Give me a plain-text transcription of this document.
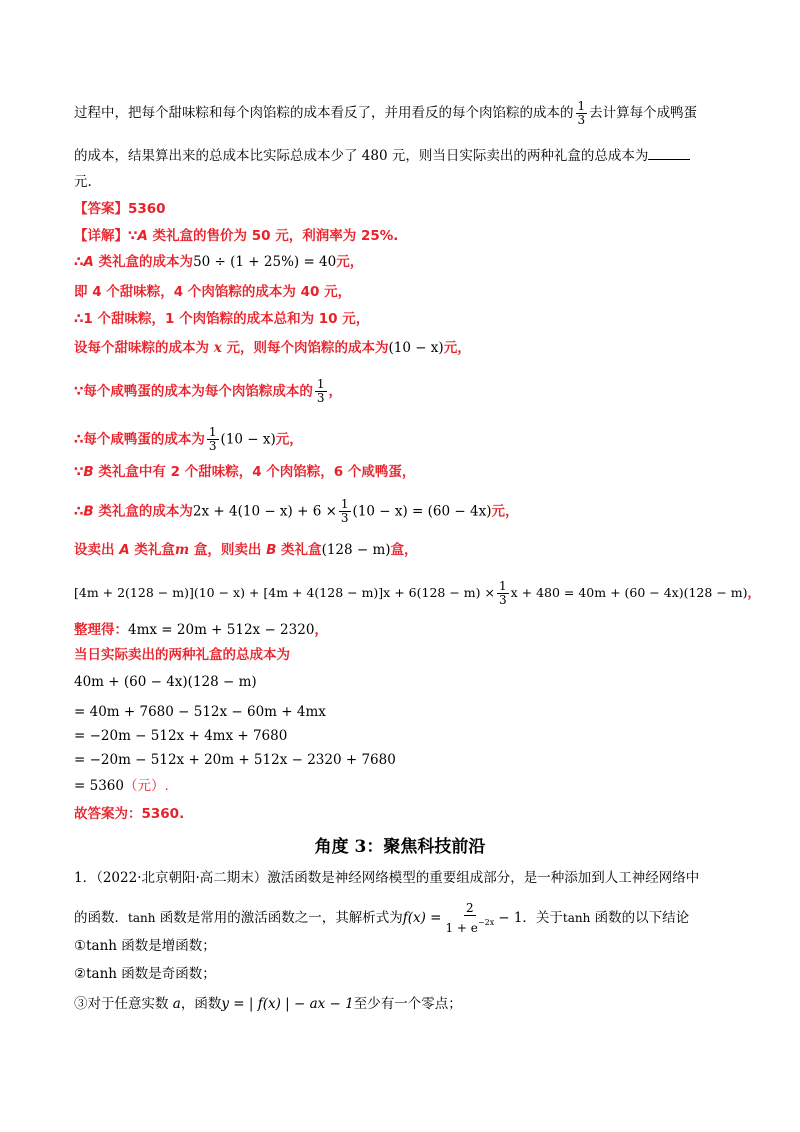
过程中，把每个甜味粽和每个肉馅粽的成本看反了，并用看反的每个肉馅粽的成本的 $\frac{1}{3}$ 去计算每个成鸭蛋
的成本，结果算出来的总成本比实际总成本少了 480 元，则当日实际卖出的两种礼盒的总成本为
元.
【答案】5360
【详解】∵A 类礼盒的售价为 50 元，利润率为 25%.
∴A 类礼盒的成本为50 ÷ (1 + 25%) = 40元，
即 4 个甜味粽，4 个肉馅粽的成本为 40 元，
∴1 个甜味粽，1 个肉馅粽的成本总和为 10 元，
设每个甜味粽的成本为 x 元，则每个肉馅粽的成本为(10 − x)元，
∵每个咸鸭蛋的成本为每个肉馅粽成本的 $\frac{1}{3}$ ，
∴每个咸鸭蛋的成本为 $\frac{1}{3} (10 - x)$元，
∵B 类礼盒中有 2 个甜味粽，4 个肉馅粽，6 个咸鸭蛋，
∴B 类礼盒的成本为$2x + 4(10 - x) + 6 \times \frac{1}{3} (10 - x) = (60 - 4x)$元，
设卖出 A 类礼盒m 盒，则卖出 B 类礼盒(128 − m)盒，
$[4m + 2(128 - m)](10 - x) + [4m + 4(128 - m)]x + 6(128 - m) \times \frac{1}{3}$ x + 480 = 40m + (60 − 4x)(128 − m)，
整理得：4mx = 20m + 512x − 2320，
当日实际卖出的两种礼盒的总成本为
40m + (60 − 4x)(128 − m)
= 40m + 7680 − 512x − 60m + 4mx
= −20m − 512x + 4mx + 7680
= −20m − 512x + 20m + 512x − 2320 + 7680
= 5360（元）.
故答案为：5360.
角度 3：聚焦科技前沿
1．（2022·北京朝阳·高二期末）激活函数是神经网络模型的重要组成部分，是一种添加到人工神经网络中
的函数．tanh 函数是常用的激活函数之一，其解析式为$f(x) = \frac{2}{1 + e^{-2x}} - 1$．关于tanh 函数的以下结论
①tanh 函数是增函数；
②tanh 函数是奇函数；
③对于任意实数 a，函数y = | f(x) | − ax − 1至少有一个零点；
